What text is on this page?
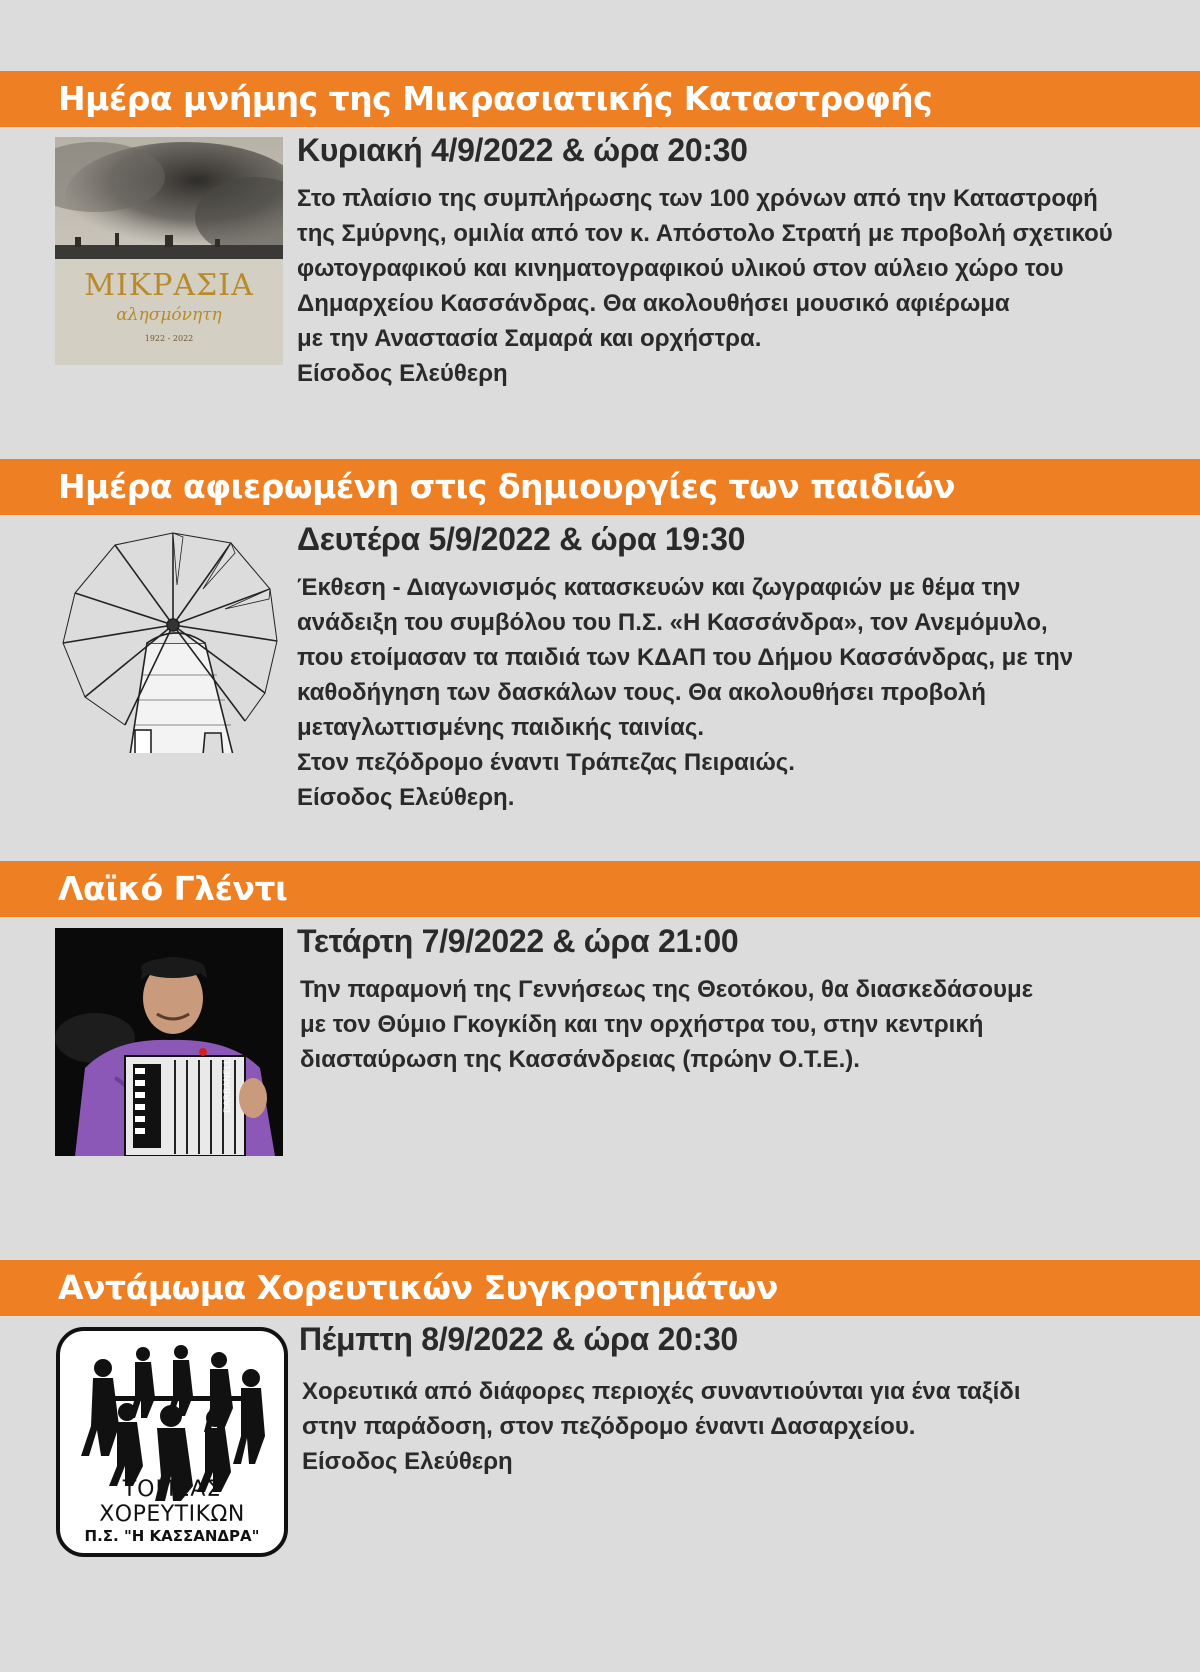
Ημέρα μνήμης της Μικρασιατικής Καταστροφής
ΜΙΚΡΑΣΙΑ
αλησμόνητη
1922 - 2022
Κυριακή 4/9/2022 & ώρα 20:30
Στο πλαίσιο της συμπλήρωσης των 100 χρόνων από την Καταστροφή
της Σμύρνης, ομιλία από τον κ. Απόστολο Στρατή με προβολή σχετικού
φωτογραφικού και κινηματογραφικού υλικού στον αύλειο χώρο του
Δημαρχείου Κασσάνδρας. Θα ακολουθήσει μουσικό αφιέρωμα
με την Αναστασία Σαμαρά και ορχήστρα.
Είσοδος Ελεύθερη
Ημέρα αφιερωμένη στις δημιουργίες των παιδιών
Δευτέρα 5/9/2022 & ώρα 19:30
Έκθεση - Διαγωνισμός κατασκευών και ζωγραφιών με θέμα την
ανάδειξη του συμβόλου του Π.Σ. «Η Κασσάνδρα», τον Ανεμόμυλο,
που ετοίμασαν τα παιδιά των ΚΔΑΠ του Δήμου Κασσάνδρας, με την
καθοδήγηση των δασκάλων τους. Θα ακολουθήσει προβολή
μεταγλωττισμένης παιδικής ταινίας.
Στον πεζόδρομο έναντι Τράπεζας Πειραιώς.
Είσοδος Ελεύθερη.
Λαϊκό Γλέντι
DARBANELLI
Τετάρτη 7/9/2022 & ώρα 21:00
Την παραμονή της Γεννήσεως της Θεοτόκου, θα διασκεδάσουμε
με τον Θύμιο Γκογκίδη και την ορχήστρα του, στην κεντρική
διασταύρωση της Κασσάνδρειας (πρώην Ο.Τ.Ε.).
Αντάμωμα Χορευτικών Συγκροτημάτων
ΤΟΜΕΑΣ
ΧΟΡΕΥΤΙΚΩΝ
Π.Σ. "Η ΚΑΣΣΑΝΔΡΑ"
Πέμπτη 8/9/2022 & ώρα 20:30
Χορευτικά από διάφορες περιοχές συναντιούνται για ένα ταξίδι
στην παράδοση, στον πεζόδρομο έναντι Δασαρχείου.
Είσοδος Ελεύθερη
